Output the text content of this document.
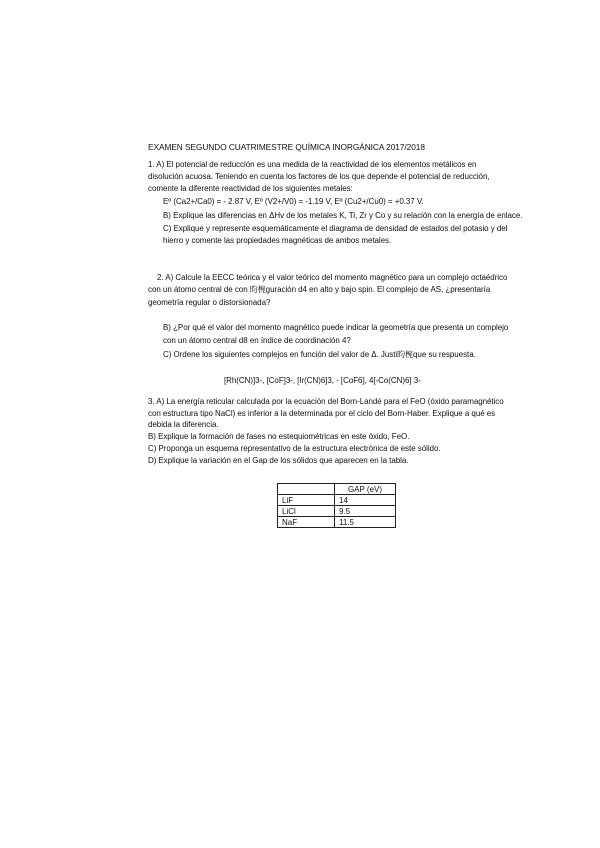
EXAMEN SEGUNDO CUATRIMESTRE QUÍMICA INORGÁNICA 2017/2018
1. A) El potencial de reducción es una medida de la reactividad de los elementos metálicos en
disolución acuosa. Teniendo en cuenta los factores de los que depende el potencial de reducción,
comente la diferente reactividad de los siguientes metales:
Eº (Ca2+/Ca0) = - 2.87 V, Eº (V2+/V0) = -1.19 V, Eº (Cu2+/Cu0) = +0.37 V.
B) Explique las diferencias en ΔHv de los metales K, Ti, Zr y Co y su relación con la energía de enlace.
C) Explique y represente esquemáticamente el diagrama de densidad de estados del potasio y del
hierro y comente las propiedades magnéticas de ambos metales.
2. A) Calcule la EECC teórica y el valor teórico del momento magnético para un complejo octaédrico
con un átomo central de con 昀椀guración d4 en alto y bajo spin. El complejo de AS, ¿presentaría
geometría regular o distorsionada?
B) ¿Por qué el valor del momento magnético puede indicar la geometría que presenta un complejo
con un átomo central d8 en índice de coordinación 4?
C) Ordene los siguientes complejos en función del valor de Δ. Justi昀椀que su respuesta.
[Rh(CN)]3-, [CoF]3-, [Ir(CN)6]3, - [CoF6], 4[-Co(CN)6] 3-
3. A) La energía reticular calculada por la ecuación del Born-Landé para el FeO (óxido paramagnético
con estructura tipo NaCl) es inferior a la determinada por el ciclo del Born-Haber. Explique a qué es
debida la diferencia.
B) Explique la formación de fases no estequiométricas en este óxido, FeO.
C) Proponga un esquema representativo de la estructura electrónica de este sólido.
D) Explique la variación en el Gap de los sólidos que aparecen en la tabla.
	GAP (eV)
LiF	14
LiCl	9.5
NaF	11.5
